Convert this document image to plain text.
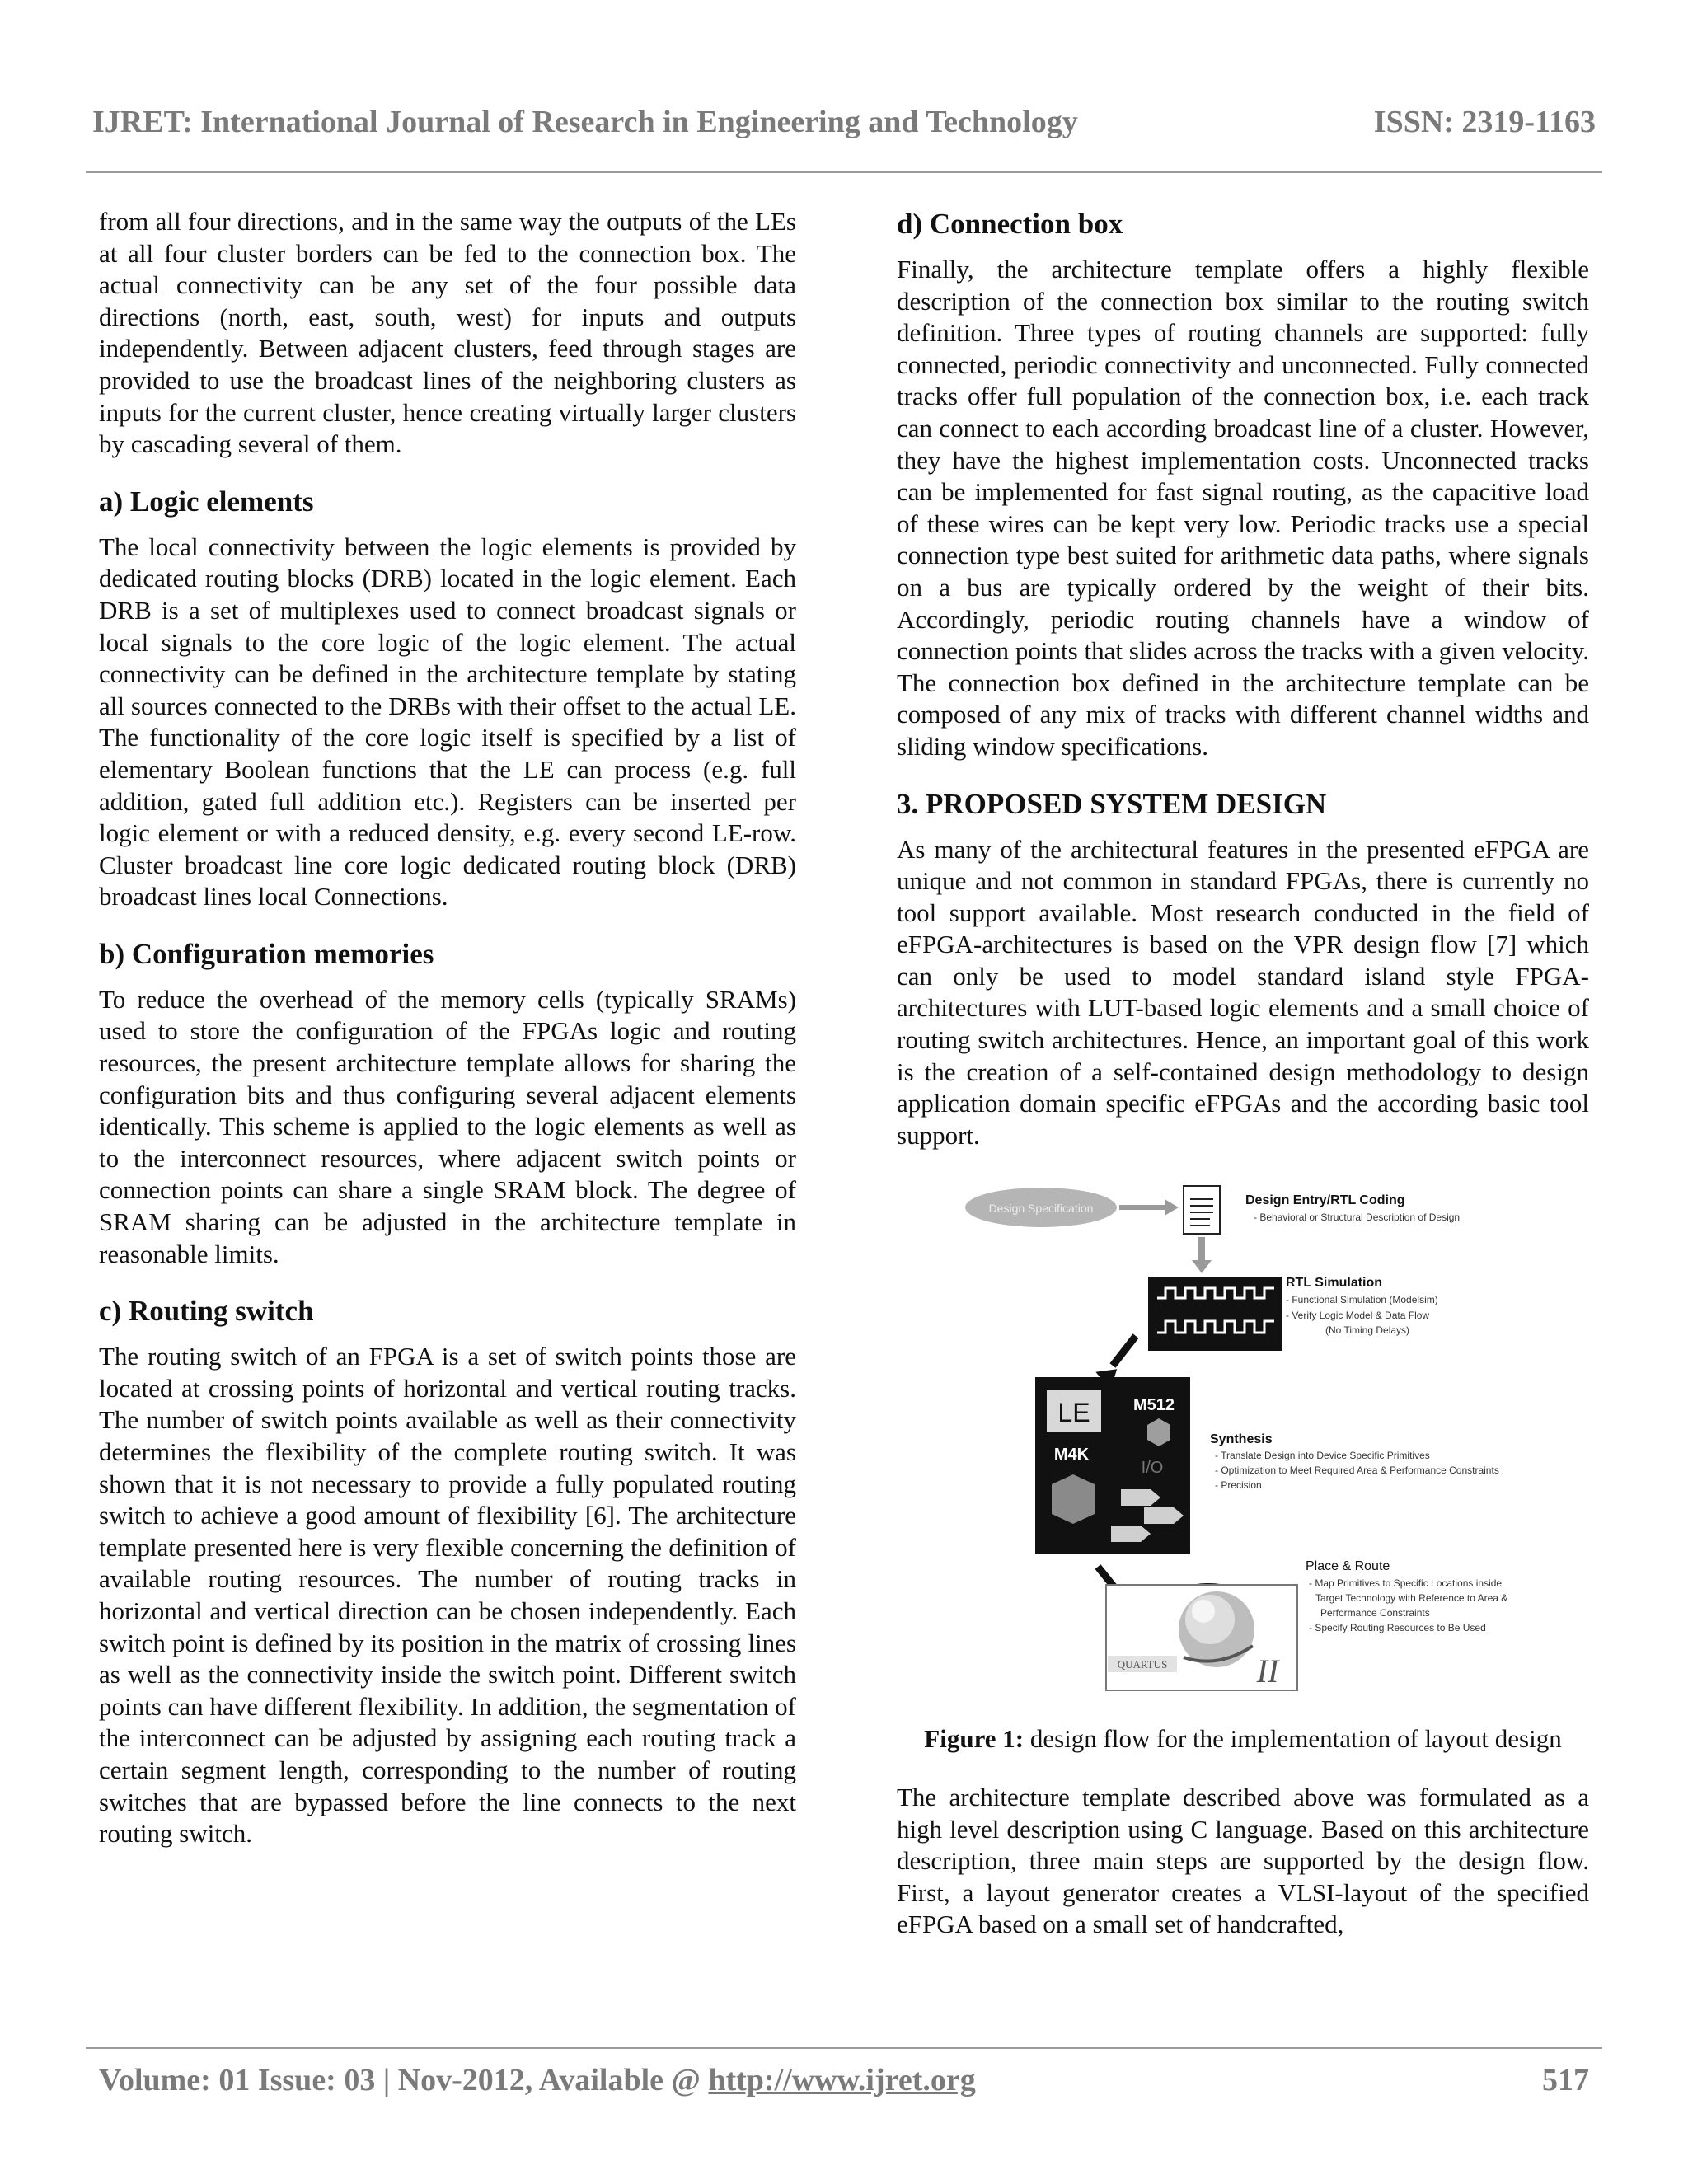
IJRET: International Journal of Research in Engineering and Technology	ISSN: 2319-1163

from all four directions, and in the same way the outputs of the LEs at all four cluster borders can be fed to the connection box. The actual connectivity can be any set of the four possible data directions (north, east, south, west) for inputs and outputs independently. Between adjacent clusters, feed through stages are provided to use the broadcast lines of the neighboring clusters as inputs for the current cluster, hence creating virtually larger clusters by cascading several of them.

a) Logic elements

The local connectivity between the logic elements is provided by dedicated routing blocks (DRB) located in the logic element. Each DRB is a set of multiplexes used to connect broadcast signals or local signals to the core logic of the logic element. The actual connectivity can be defined in the architecture template by stating all sources connected to the DRBs with their offset to the actual LE. The functionality of the core logic itself is specified by a list of elementary Boolean functions that the LE can process (e.g. full addition, gated full addition etc.). Registers can be inserted per logic element or with a reduced density, e.g. every second LE-row. Cluster broadcast line core logic dedicated routing block (DRB) broadcast lines local Connections.

b) Configuration memories

To reduce the overhead of the memory cells (typically SRAMs) used to store the configuration of the FPGAs logic and routing resources, the present architecture template allows for sharing the configuration bits and thus configuring several adjacent elements identically. This scheme is applied to the logic elements as well as to the interconnect resources, where adjacent switch points or connection points can share a single SRAM block. The degree of SRAM sharing can be adjusted in the architecture template in reasonable limits.

c) Routing switch

The routing switch of an FPGA is a set of switch points those are located at crossing points of horizontal and vertical routing tracks. The number of switch points available as well as their connectivity determines the flexibility of the complete routing switch. It was shown that it is not necessary to provide a fully populated routing switch to achieve a good amount of flexibility [6]. The architecture template presented here is very flexible concerning the definition of available routing resources. The number of routing tracks in horizontal and vertical direction can be chosen independently. Each switch point is defined by its position in the matrix of crossing lines as well as the connectivity inside the switch point. Different switch points can have different flexibility. In addition, the segmentation of the interconnect can be adjusted by assigning each routing track a certain segment length, corresponding to the number of routing switches that are bypassed before the line connects to the next routing switch.

d) Connection box

Finally, the architecture template offers a highly flexible description of the connection box similar to the routing switch definition. Three types of routing channels are supported: fully connected, periodic connectivity and unconnected. Fully connected tracks offer full population of the connection box, i.e. each track can connect to each according broadcast line of a cluster. However, they have the highest implementation costs. Unconnected tracks can be implemented for fast signal routing, as the capacitive load of these wires can be kept very low. Periodic tracks use a special connection type best suited for arithmetic data paths, where signals on a bus are typically ordered by the weight of their bits. Accordingly, periodic routing channels have a window of connection points that slides across the tracks with a given velocity. The connection box defined in the architecture template can be composed of any mix of tracks with different channel widths and sliding window specifications.

3. PROPOSED SYSTEM DESIGN

As many of the architectural features in the presented eFPGA are unique and not common in standard FPGAs, there is currently no tool support available. Most research conducted in the field of eFPGA-architectures is based on the VPR design flow [7] which can only be used to model standard island style FPGA-architectures with LUT-based logic elements and a small choice of routing switch architectures. Hence, an important goal of this work is the creation of a self-contained design methodology to design application domain specific eFPGAs and the according basic tool support.

Design Specification
Design Entry/RTL Coding
- Behavioral or Structural Description of Design
RTL Simulation
- Functional Simulation (Modelsim)
- Verify Logic Model & Data Flow
(No Timing Delays)
LE	M512
M4K
I/O
Synthesis
- Translate Design into Device Specific Primitives
- Optimization to Meet Required Area & Performance Constraints
- Precision
QUARTUS	II
Place & Route
- Map Primitives to Specific Locations inside
Target Technology with Reference to Area &
Performance Constraints
- Specify Routing Resources to Be Used

Figure 1: design flow for the implementation of layout design

The architecture template described above was formulated as a high level description using C language. Based on this architecture description, three main steps are supported by the design flow. First, a layout generator creates a VLSI-layout of the specified eFPGA based on a small set of handcrafted,

Volume: 01 Issue: 03 | Nov-2012, Available @ http://www.ijret.org	517
